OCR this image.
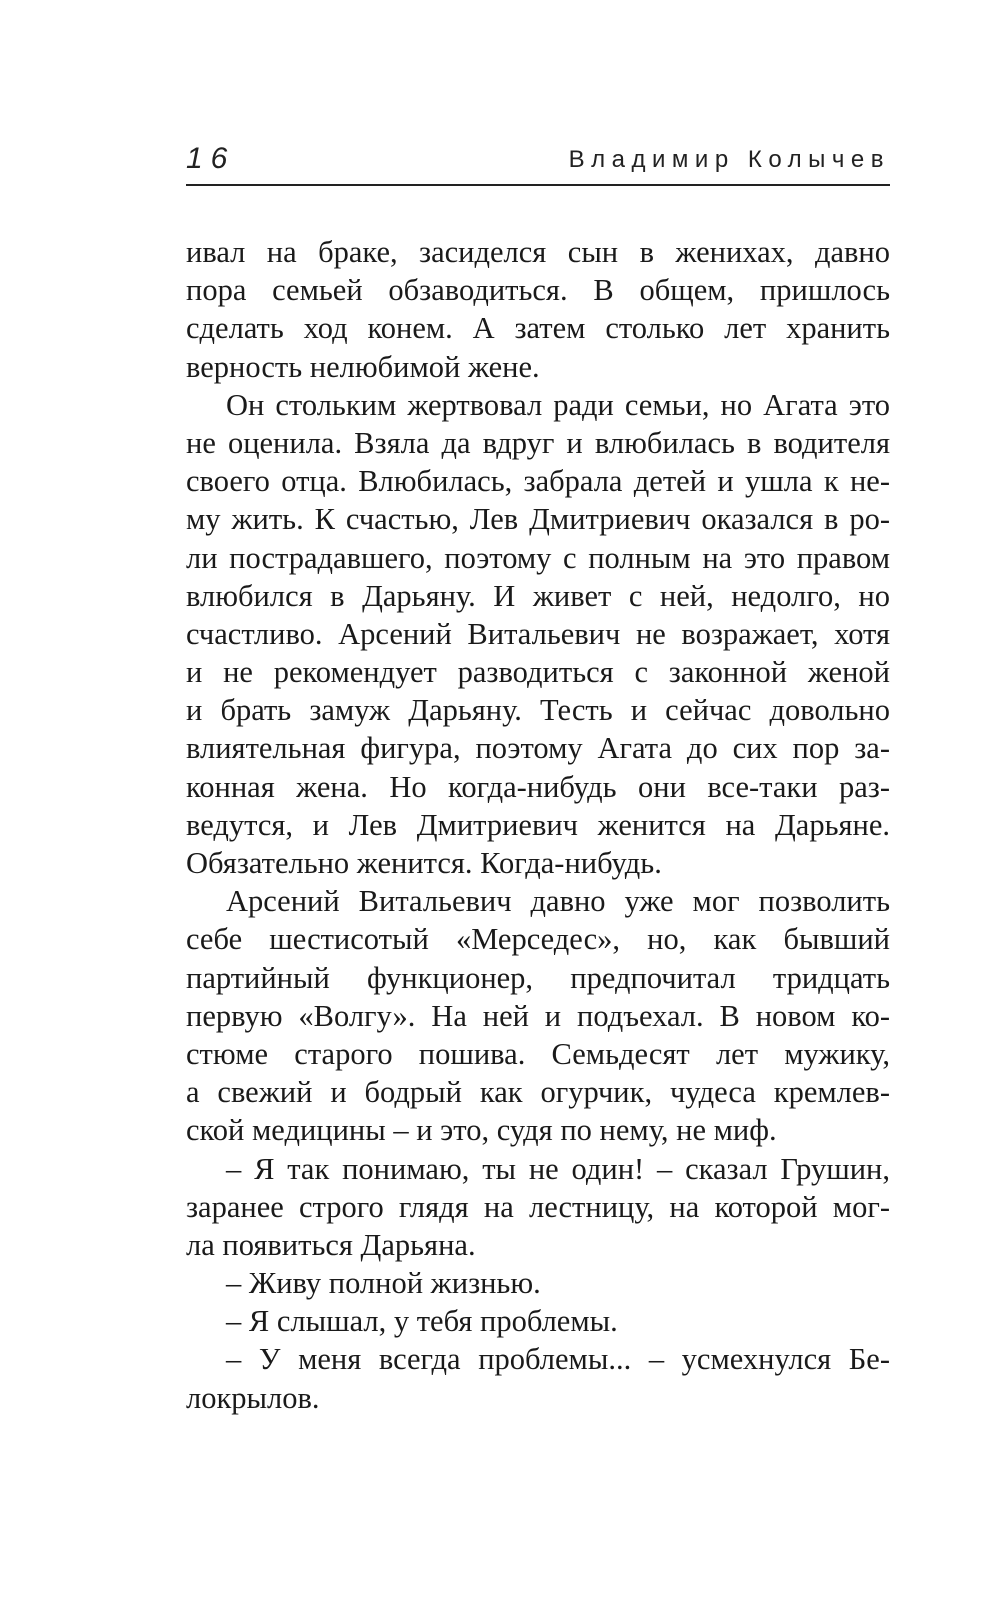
16	Владимир Колычев
ивал на браке, засиделся сын в женихах, давно
пора семьей обзаводиться. В общем, пришлось
сделать ход конем. А затем столько лет хранить
верность нелюбимой жене.
Он стольким жертвовал ради семьи, но Агата это
не оценила. Взяла да вдруг и влюбилась в водителя
своего отца. Влюбилась, забрала детей и ушла к не-
му жить. К счастью, Лев Дмитриевич оказался в ро-
ли пострадавшего, поэтому с полным на это правом
влюбился в Дарьяну. И живет с ней, недолго, но
счастливо. Арсений Витальевич не возражает, хотя
и не рекомендует разводиться с законной женой
и брать замуж Дарьяну. Тесть и сейчас довольно
влиятельная фигура, поэтому Агата до сих пор за-
конная жена. Но когда-нибудь они все-таки раз-
ведутся, и Лев Дмитриевич женится на Дарьяне.
Обязательно женится. Когда-нибудь.
Арсений Витальевич давно уже мог позволить
себе шестисотый «Мерседес», но, как бывший
партийный функционер, предпочитал тридцать
первую «Волгу». На ней и подъехал. В новом ко-
стюме старого пошива. Семьдесят лет мужику,
а свежий и бодрый как огурчик, чудеса кремлев-
ской медицины – и это, судя по нему, не миф.
– Я так понимаю, ты не один! – сказал Грушин,
заранее строго глядя на лестницу, на которой мог-
ла появиться Дарьяна.
– Живу полной жизнью.
– Я слышал, у тебя проблемы.
– У меня всегда проблемы... – усмехнулся Бе-
локрылов.
